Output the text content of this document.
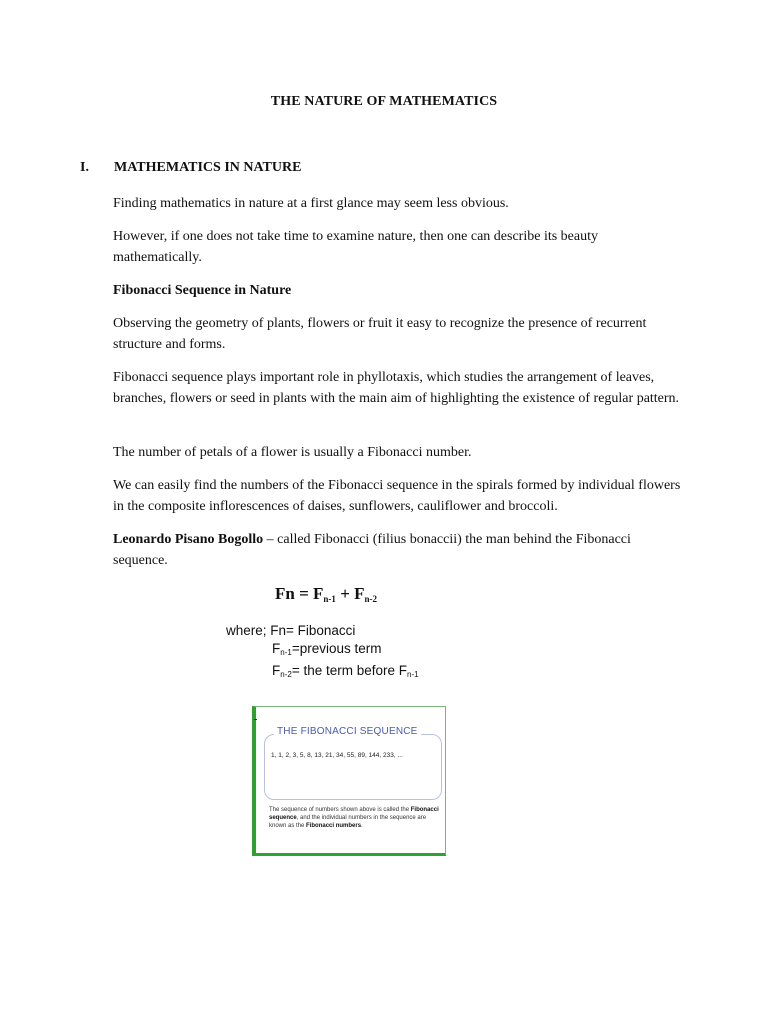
THE NATURE OF MATHEMATICS
I. MATHEMATICS IN NATURE
Finding mathematics in nature at a first glance may seem less obvious.
However, if one does not take time to examine nature, then one can describe its beauty mathematically.
Fibonacci Sequence in Nature
Observing the geometry of plants, flowers or fruit it easy to recognize the presence of recurrent structure and forms.
Fibonacci sequence plays important role in phyllotaxis, which studies the arrangement of leaves, branches, flowers or seed in plants with the main aim of highlighting the existence of regular pattern.
The number of petals of a flower is usually a Fibonacci number.
We can easily find the numbers of the Fibonacci sequence in the spirals formed by individual flowers in the composite inflorescences of daises, sunflowers, cauliflower and broccoli.
Leonardo Pisano Bogollo – called Fibonacci (filius bonaccii) the man behind the Fibonacci sequence.
$Fn = F_{n-1} + F_{n-2}$
where; Fn= Fibonacci
$F_{n-1}=previous$ term
$F_{n-2}=$ the term before $F_{n-1}$
THE FIBONACCI SEQUENCE
1, 1, 2, 3, 5, 8, 13, 21, 34, 55, 89, 144, 233, ...
The sequence of numbers shown above is called the Fibonacci sequence, and the individual numbers in the sequence are known as the Fibonacci numbers.
